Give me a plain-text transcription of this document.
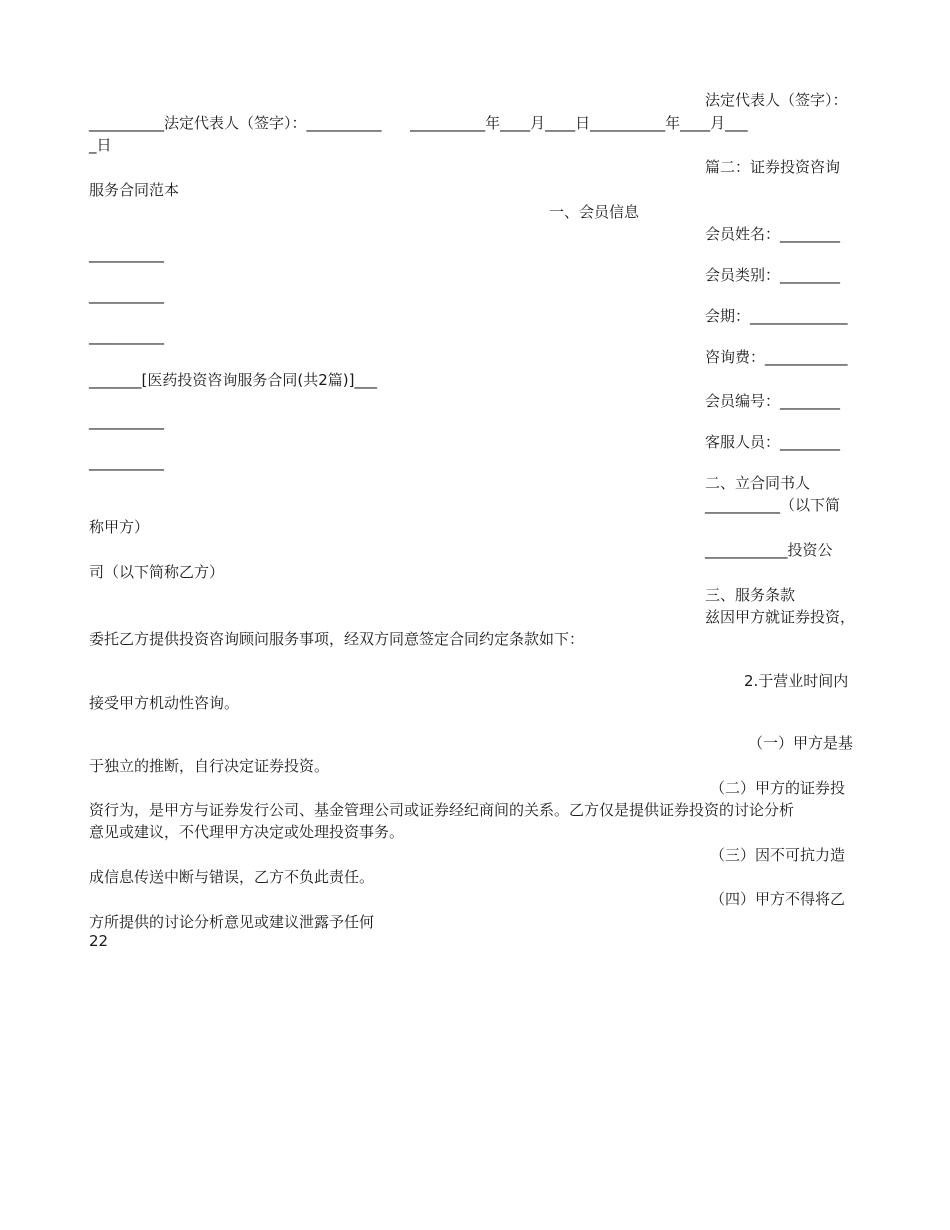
法定代表人（签字）：
__________法定代表人（签字）：__________      __________年____月____日__________年____月___
_日
篇二：证券投资咨询
服务合同范本
一、会员信息
会员姓名：________
__________
会员类别：________
__________
会期：_____________
__________
咨询费：___________
_______[医药投资咨询服务合同(共2篇)]___
会员编号：________
__________
客服人员：________
__________
二、立合同书人
__________（以下简
称甲方）
___________投资公
司（以下简称乙方）
三、服务条款
兹因甲方就证券投资，
委托乙方提供投资咨询顾问服务事项，经双方同意签定合同约定条款如下：
2.于营业时间内
接受甲方机动性咨询。
（一）甲方是基
于独立的推断，自行决定证券投资。
（二）甲方的证券投
资行为，是甲方与证券发行公司、基金管理公司或证券经纪商间的关系。乙方仅是提供证券投资的讨论分析
意见或建议，不代理甲方决定或处理投资事务。
（三）因不可抗力造
成信息传送中断与错误，乙方不负此责任。
（四）甲方不得将乙
方所提供的讨论分析意见或建议泄露予任何
22
